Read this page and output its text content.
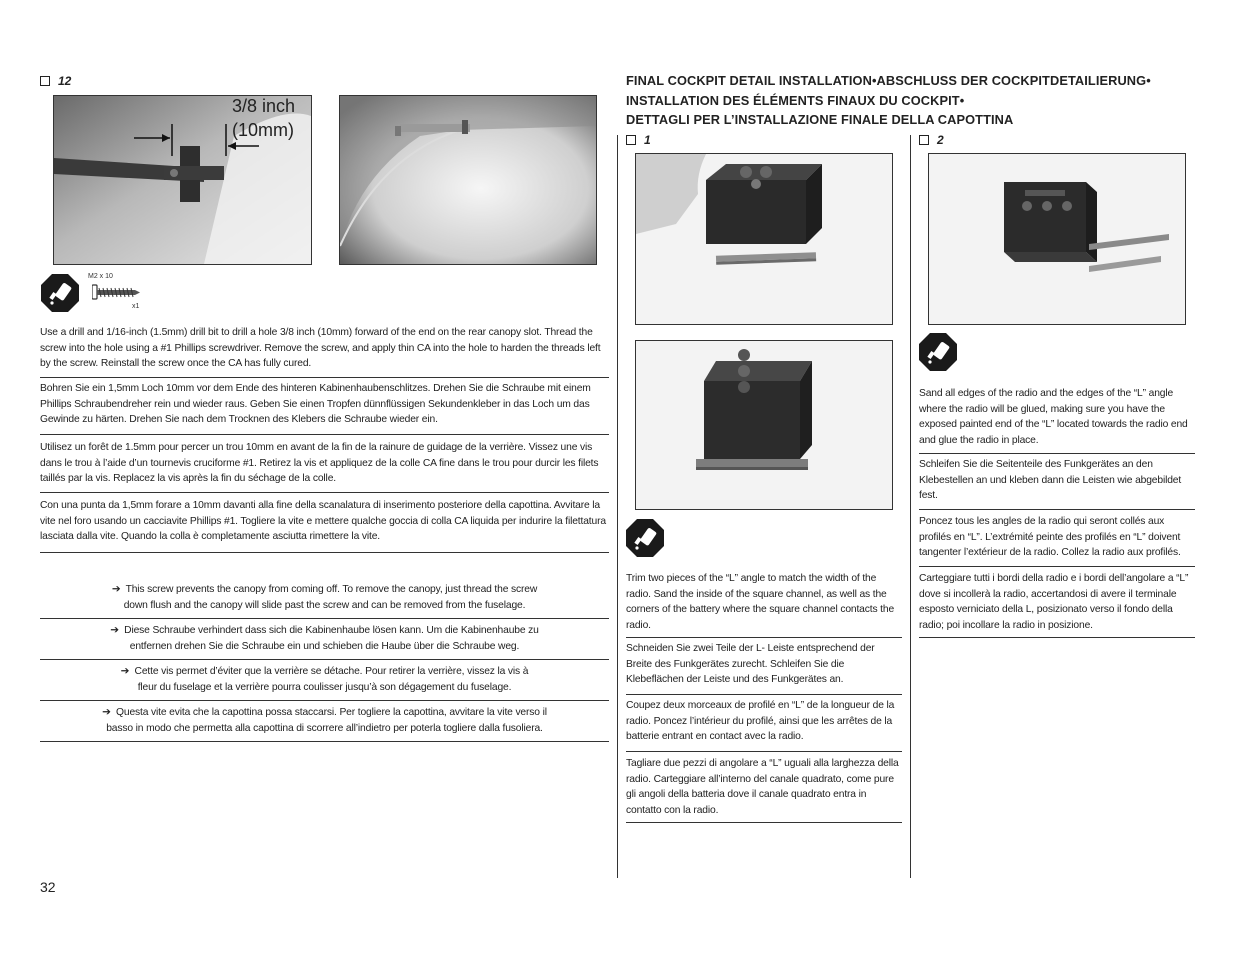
12
3/8 inch
(10mm)
M2 x 10
x1

Use a drill and 1/16-inch (1.5mm) drill bit to drill a hole 3/8 inch (10mm) forward of the end on the rear canopy slot. Thread the screw into the hole using a #1 Phillips screwdriver. Remove the screw, and apply thin CA into the hole to harden the threads left by the screw. Reinstall the screw once the CA has fully cured.

Bohren Sie ein 1,5mm Loch 10mm vor dem Ende des hinteren Kabinenhaubenschlitzes. Drehen Sie die Schraube mit einem Phillips Schraubendreher rein und wieder raus. Geben Sie einen Tropfen dünnflüssigen Sekundenkleber in das Loch um das Gewinde zu härten. Drehen Sie nach dem Trocknen des Klebers die Schraube wieder ein.

Utilisez un forêt de 1.5mm pour percer un trou 10mm en avant de la fin de la rainure de guidage de la verrière. Vissez une vis dans le trou à l’aide d’un tournevis cruciforme #1. Retirez la vis et appliquez de la colle CA fine dans le trou pour durcir les filets taillés par la vis. Replacez la vis après la fin du séchage de la colle.

Con una punta da 1,5mm forare a 10mm davanti alla fine della scanalatura di inserimento posteriore della capottina. Avvitare la vite nel foro usando un cacciavite Phillips #1. Togliere la vite e mettere qualche goccia di colla CA liquida per indurire la filettatura lasciata dalla vite. Quando la colla è completamente asciutta rimettere la vite.

➔ This screw prevents the canopy from coming off. To remove the canopy, just thread the screw
down flush and the canopy will slide past the screw and can be removed from the fuselage.
➔ Diese Schraube verhindert dass sich die Kabinenhaube lösen kann. Um die Kabinenhaube zu
entfernen drehen Sie die Schraube ein und schieben die Haube über die Schraube weg.
➔ Cette vis permet d’éviter que la verrière se détache. Pour retirer la verrière, vissez la vis à
fleur du fuselage et la verrière pourra coulisser jusqu’à son dégagement du fuselage.
➔ Questa vite evita che la capottina possa staccarsi. Per togliere la capottina, avvitare la vite verso il
basso in modo che permetta alla capottina di scorrere all’indietro per poterla togliere dalla fusoliera.
32
FINAL COCKPIT DETAIL INSTALLATION•ABSCHLUSS DER COCKPITDETAILIERUNG•
INSTALLATION DES ÉLÉMENTS FINAUX DU COCKPIT•
DETTAGLI PER L’INSTALLAZIONE FINALE DELLA CAPOTTINA
1

Trim two pieces of the “L” angle to match the width of the radio. Sand the inside of the square channel, as well as the corners of the battery where the square channel contacts the radio.

Schneiden Sie zwei Teile der L- Leiste entsprechend der Breite des Funkgerätes zurecht. Schleifen Sie die Klebeflächen der Leiste und des Funkgerätes an.

Coupez deux morceaux de profilé en “L” de la longueur de la radio. Poncez l’intérieur du profilé, ainsi que les arrêtes de la batterie entrant en contact avec la radio.

Tagliare due pezzi di angolare a “L” uguali alla larghezza della radio. Carteggiare all’interno del canale quadrato, come pure gli angoli della batteria dove il canale quadrato entra in contatto con la radio.

2

Sand all edges of the radio and the edges of the “L” angle where the radio will be glued, making sure you have the exposed painted end of the “L” located towards the radio end and glue the radio in place.

Schleifen Sie die Seitenteile des Funkgerätes an den Klebestellen an und kleben dann die Leisten wie abgebildet fest.

Poncez tous les angles de la radio qui seront collés aux profilés en “L”. L’extrémité peinte des profilés en “L” doivent tangenter l’extérieur de la radio. Collez la radio aux profilés.

Carteggiare tutti i bordi della radio e i bordi dell’angolare a “L” dove si incollerà la radio, accertandosi di avere il terminale esposto verniciato della L, posizionato verso il fondo della radio; poi incollare la radio in posizione.
